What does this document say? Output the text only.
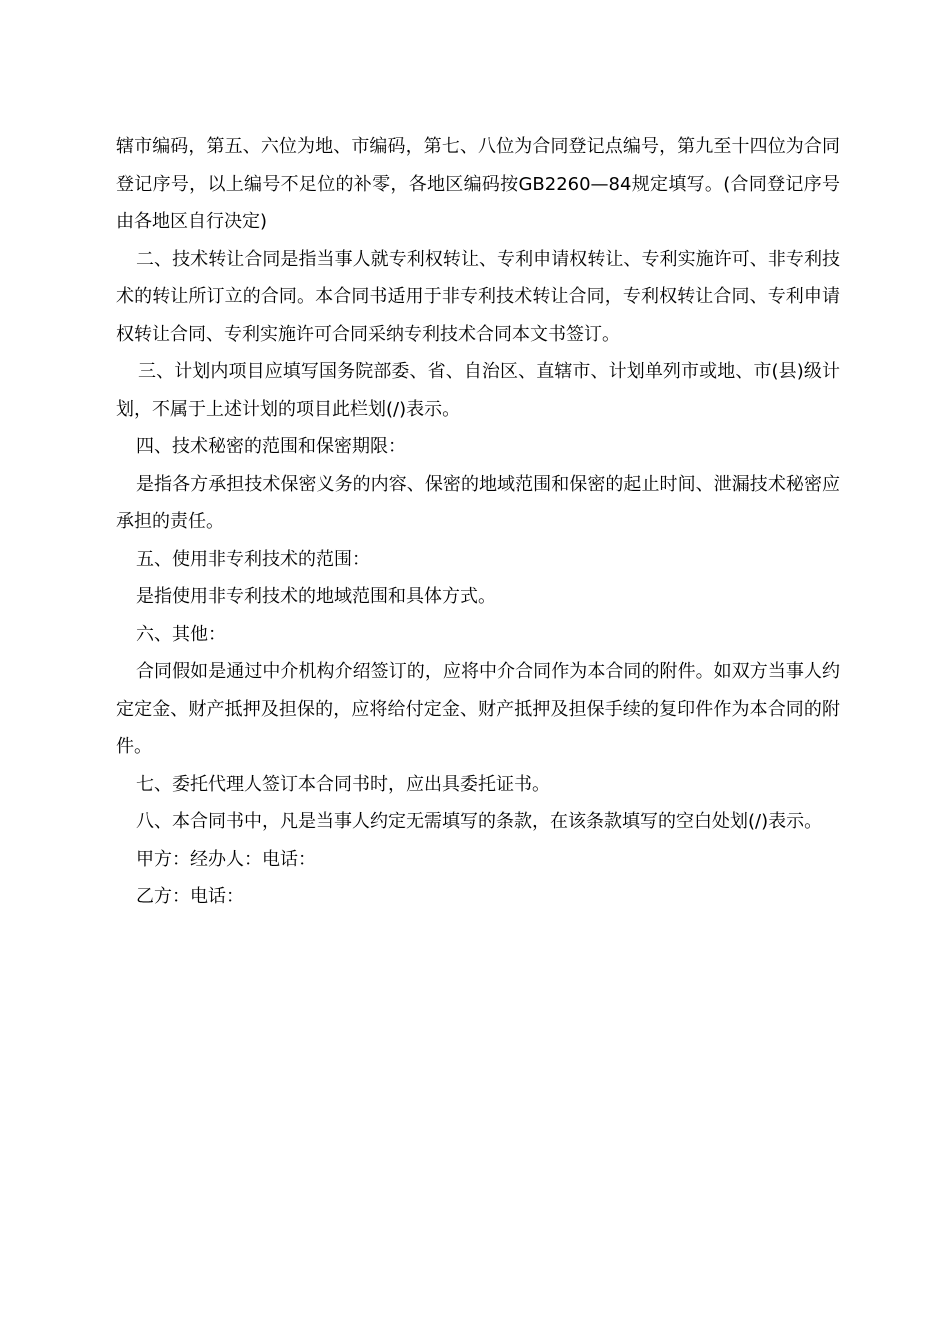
辖市编码，第五、六位为地、市编码，第七、八位为合同登记点编号，第九至十四位为合同登记序号，以上编号不足位的补零，各地区编码按GB2260—84规定填写。(合同登记序号由各地区自行决定)

二、技术转让合同是指当事人就专利权转让、专利申请权转让、专利实施许可、非专利技术的转让所订立的合同。本合同书适用于非专利技术转让合同，专利权转让合同、专利申请权转让合同、专利实施许可合同采纳专利技术合同本文书签订。

三、计划内项目应填写国务院部委、省、自治区、直辖市、计划单列市或地、市(县)级计划，不属于上述计划的项目此栏划(/)表示。

四、技术秘密的范围和保密期限：

是指各方承担技术保密义务的内容、保密的地域范围和保密的起止时间、泄漏技术秘密应承担的责任。

五、使用非专利技术的范围：

是指使用非专利技术的地域范围和具体方式。

六、其他：

合同假如是通过中介机构介绍签订的，应将中介合同作为本合同的附件。如双方当事人约定定金、财产抵押及担保的，应将给付定金、财产抵押及担保手续的复印件作为本合同的附件。

七、委托代理人签订本合同书时，应出具委托证书。

八、本合同书中，凡是当事人约定无需填写的条款，在该条款填写的空白处划(/)表示。

甲方：经办人：电话：

乙方：电话：
